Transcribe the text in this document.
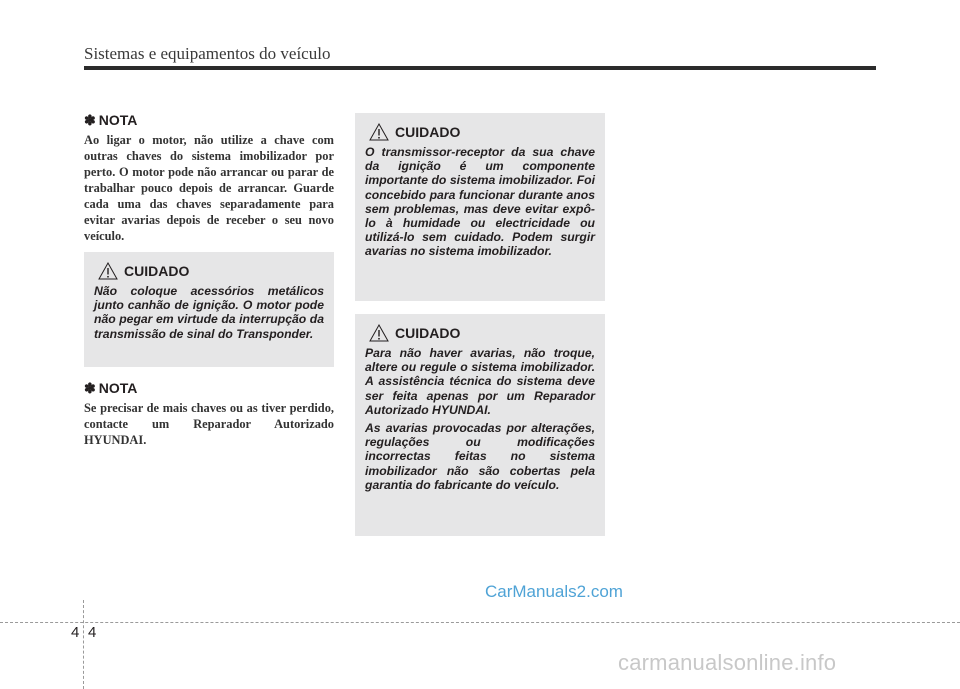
Sistemas e equipamentos do veículo
✽ NOTA

Ao ligar o motor, não utilize a chave com outras chaves do sistema imobilizador por perto. O motor pode não arrancar ou parar de trabalhar pouco depois de arrancar. Guarde cada uma das chaves separadamente para evitar avarias depois de receber o seu novo veículo.

CUIDADO

Não coloque acessórios metálicos junto canhão de ignição. O motor pode não pegar em virtude da interrupção da transmissão de sinal do Transponder.

✽ NOTA

Se precisar de mais chaves ou as tiver perdido, contacte um Reparador Autorizado HYUNDAI.

CUIDADO

O transmissor-receptor da sua chave da ignição é um componente importante do sistema imobilizador. Foi concebido para funcionar durante anos sem problemas, mas deve evitar expô-lo à humidade ou electricidade ou utilizá-lo sem cuidado. Podem surgir avarias no sistema imobilizador.

CUIDADO

Para não haver avarias, não troque, altere ou regule o sistema imobilizador. A assistência técnica do sistema deve ser feita apenas por um Reparador Autorizado HYUNDAI.

As avarias provocadas por alterações, regulações ou modificações incorrectas feitas no sistema imobilizador não são cobertas pela garantia do fabricante do veículo.

CarManuals2.com
4 4
carmanualsonline.info
